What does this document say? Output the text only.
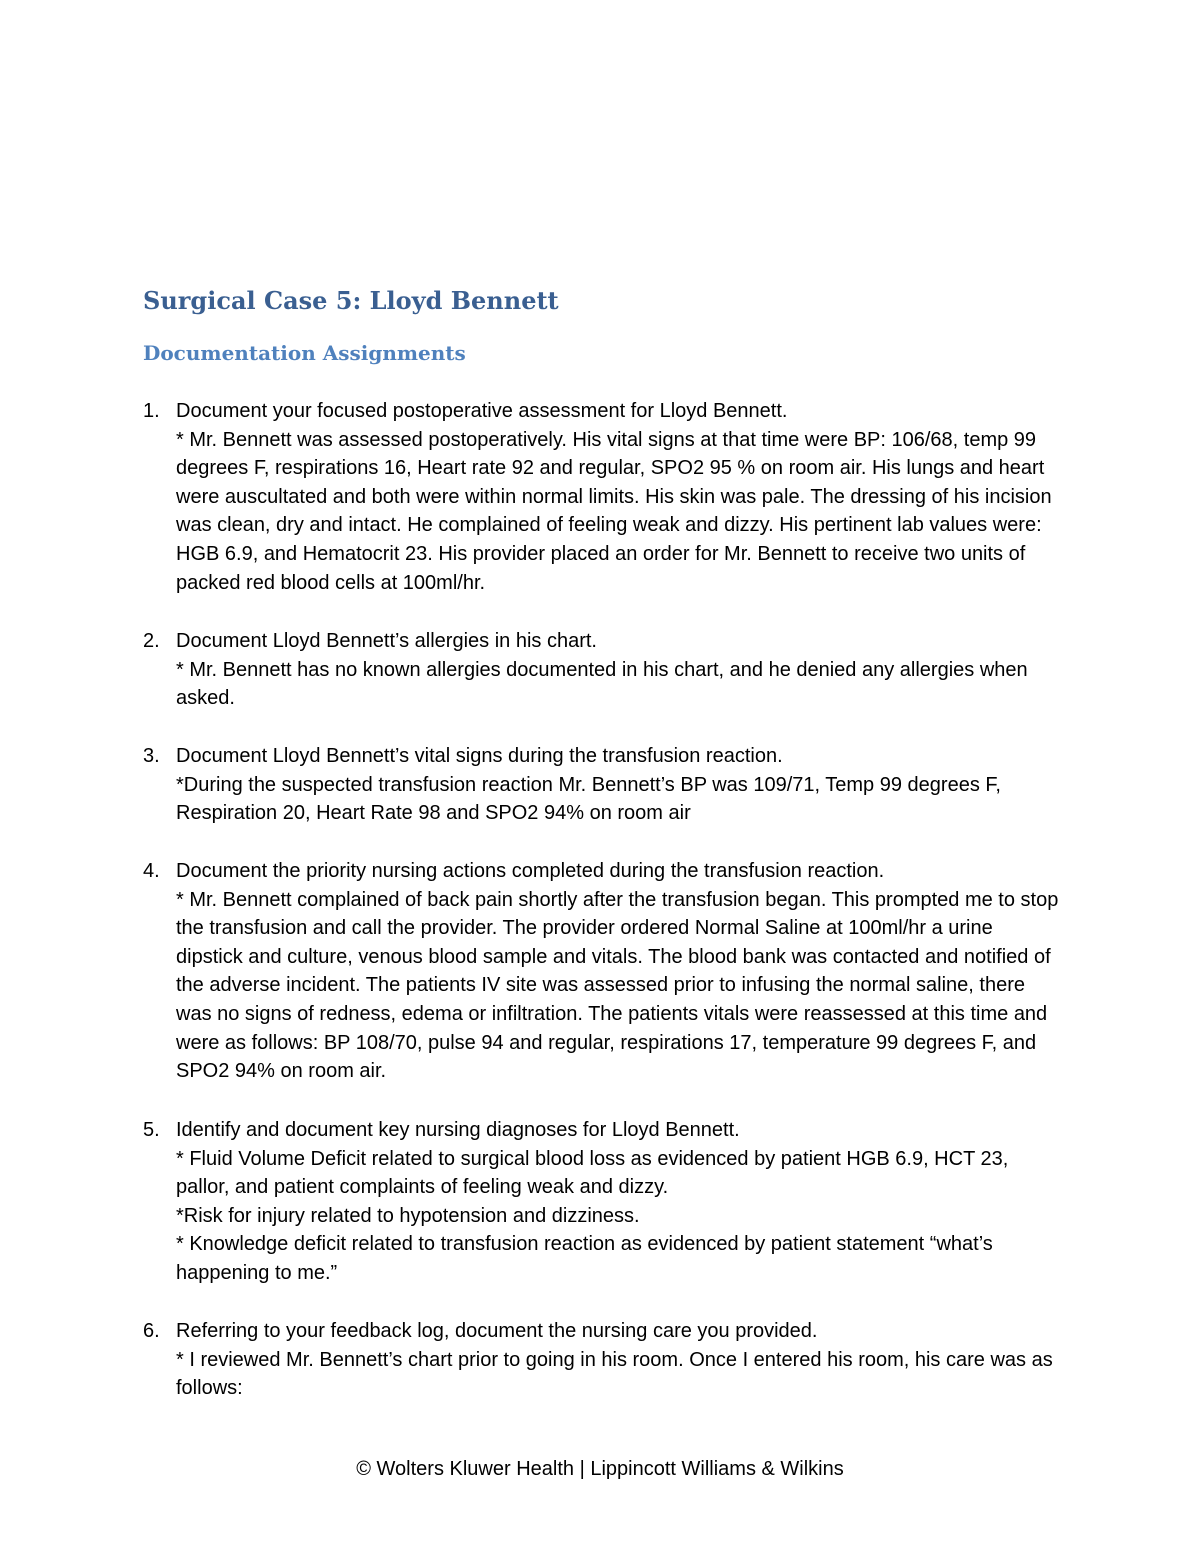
Surgical Case 5: Lloyd Bennett
Documentation Assignments
1. Document your focused postoperative assessment for Lloyd Bennett.

* Mr. Bennett was assessed postoperatively. His vital signs at that time were BP: 106/68, temp 99 degrees F, respirations 16, Heart rate 92 and regular, SPO2 95 % on room air. His lungs and heart were auscultated and both were within normal limits. His skin was pale. The dressing of his incision was clean, dry and intact. He complained of feeling weak and dizzy. His pertinent lab values were: HGB 6.9, and Hematocrit 23. His provider placed an order for Mr. Bennett to receive two units of packed red blood cells at 100ml/hr.

2. Document Lloyd Bennett’s allergies in his chart.

* Mr. Bennett has no known allergies documented in his chart, and he denied any allergies when asked.

3. Document Lloyd Bennett’s vital signs during the transfusion reaction.

*During the suspected transfusion reaction Mr. Bennett’s BP was 109/71, Temp 99 degrees F, Respiration 20, Heart Rate 98 and SPO2 94% on room air

4. Document the priority nursing actions completed during the transfusion reaction.

* Mr. Bennett complained of back pain shortly after the transfusion began. This prompted me to stop the transfusion and call the provider. The provider ordered Normal Saline at 100ml/hr a urine dipstick and culture, venous blood sample and vitals. The blood bank was contacted and notified of the adverse incident. The patients IV site was assessed prior to infusing the normal saline, there was no signs of redness, edema or infiltration. The patients vitals were reassessed at this time and were as follows: BP 108/70, pulse 94 and regular, respirations 17, temperature 99 degrees F, and SPO2 94% on room air.

5. Identify and document key nursing diagnoses for Lloyd Bennett.

* Fluid Volume Deficit related to surgical blood loss as evidenced by patient HGB 6.9, HCT 23, pallor, and patient complaints of feeling weak and dizzy.

*Risk for injury related to hypotension and dizziness.

* Knowledge deficit related to transfusion reaction as evidenced by patient statement “what’s happening to me.”

6. Referring to your feedback log, document the nursing care you provided.

* I reviewed Mr. Bennett’s chart prior to going in his room. Once I entered his room, his care was as follows:

© Wolters Kluwer Health | Lippincott Williams & Wilkins
